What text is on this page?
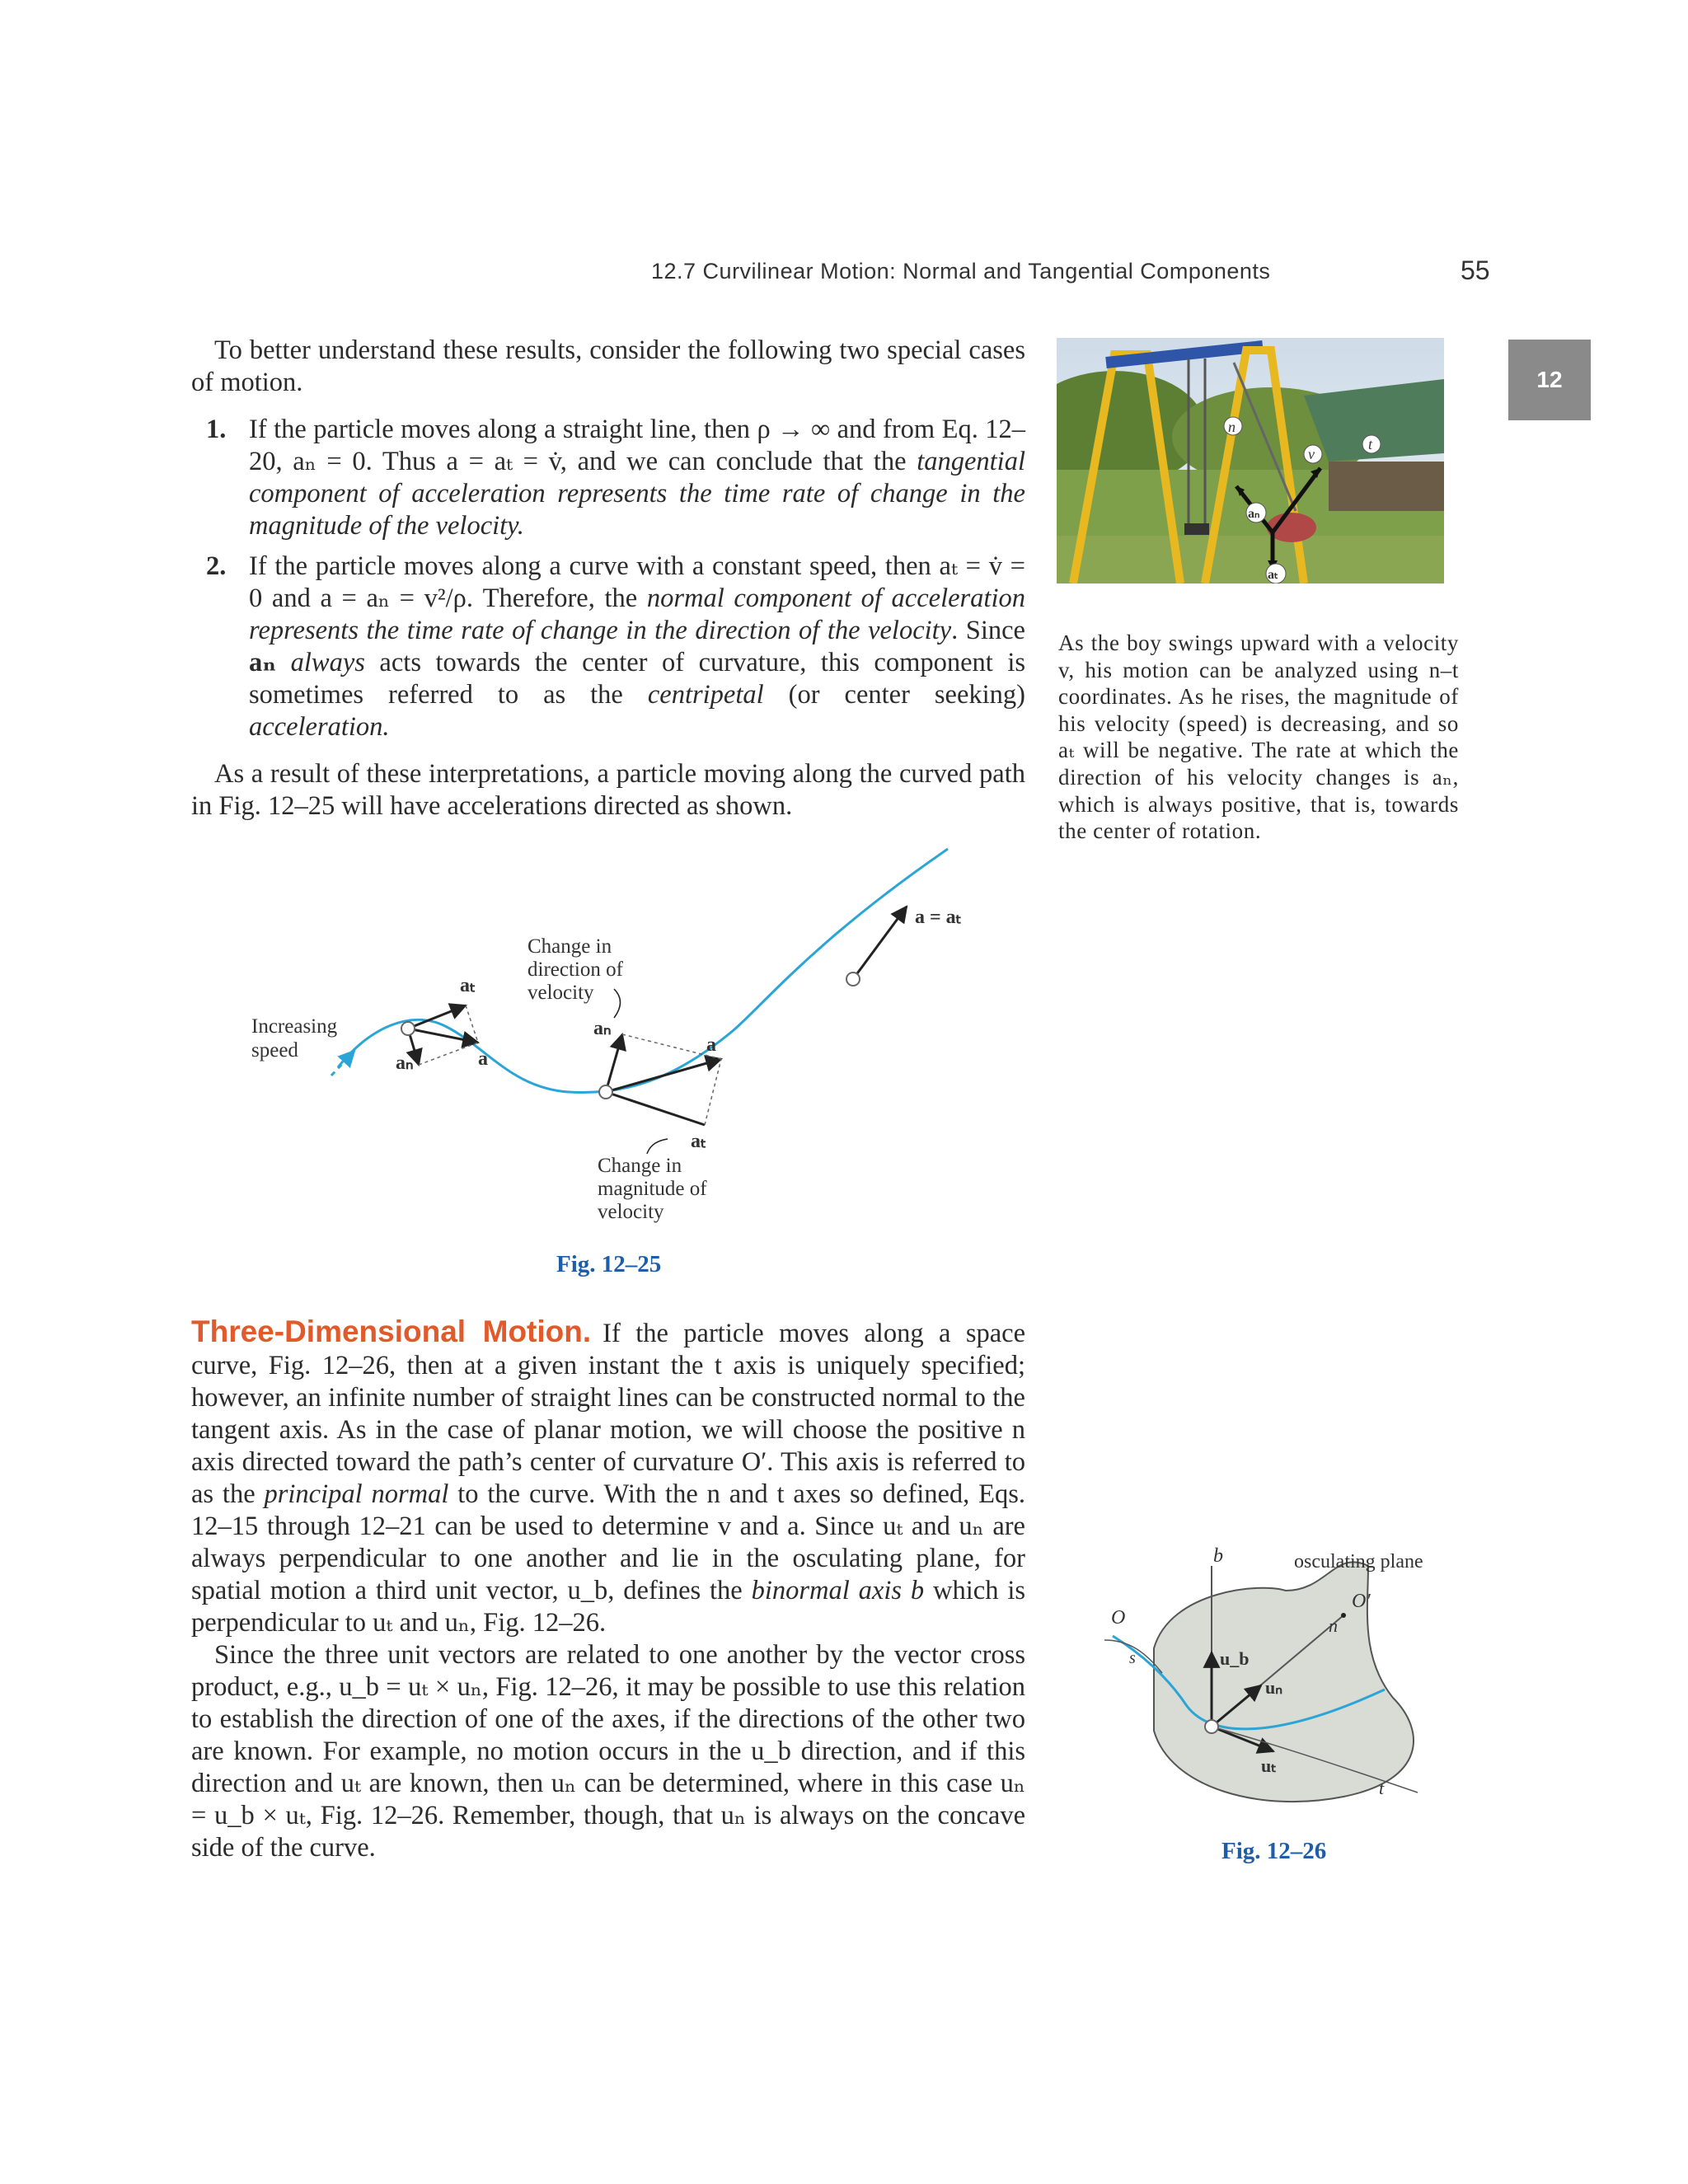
12.7 Curvilinear Motion: Normal and Tangential Components	55
12
To better understand these results, consider the following two special cases of motion.
1. If the particle moves along a straight line, then ρ → ∞ and from Eq. 12–20, aₙ = 0. Thus a = aₜ = v̇, and we can conclude that the tangential component of acceleration represents the time rate of change in the magnitude of the velocity.
2. If the particle moves along a curve with a constant speed, then aₜ = v̇ = 0 and a = aₙ = v²/ρ. Therefore, the normal component of acceleration represents the time rate of change in the direction of the velocity. Since aₙ always acts towards the center of curvature, this component is sometimes referred to as the centripetal (or center seeking) acceleration.
As a result of these interpretations, a particle moving along the curved path in Fig. 12–25 will have accelerations directed as shown.
n
v
t
aₙ
aₜ
As the boy swings upward with a velocity v, his motion can be analyzed using n–t coordinates. As he rises, the magnitude of his velocity (speed) is decreasing, and so aₜ will be negative. The rate at which the direction of his velocity changes is aₙ, which is always positive, that is, towards the center of rotation.
Increasing
speed
Change in
direction of
velocity
aₜ
aₙ	a
aₙ
a
aₜ
a = aₜ
Change in
magnitude of
velocity
Fig. 12–25
Three-Dimensional Motion. If the particle moves along a space curve, Fig. 12–26, then at a given instant the t axis is uniquely specified; however, an infinite number of straight lines can be constructed normal to the tangent axis. As in the case of planar motion, we will choose the positive n axis directed toward the path’s center of curvature O′. This axis is referred to as the principal normal to the curve. With the n and t axes so defined, Eqs. 12–15 through 12–21 can be used to determine v and a. Since uₜ and uₙ are always perpendicular to one another and lie in the osculating plane, for spatial motion a third unit vector, u_b, defines the binormal axis b which is perpendicular to uₜ and uₙ, Fig. 12–26.
Since the three unit vectors are related to one another by the vector cross product, e.g., u_b = uₜ × uₙ, Fig. 12–26, it may be possible to use this relation to establish the direction of one of the axes, if the directions of the other two are known. For example, no motion occurs in the u_b direction, and if this direction and uₜ are known, then uₙ can be determined, where in this case uₙ = u_b × uₜ, Fig. 12–26. Remember, though, that uₙ is always on the concave side of the curve.
b	osculating plane
O′
n
O
s	u_b
uₙ
uₜ
t
Fig. 12–26
